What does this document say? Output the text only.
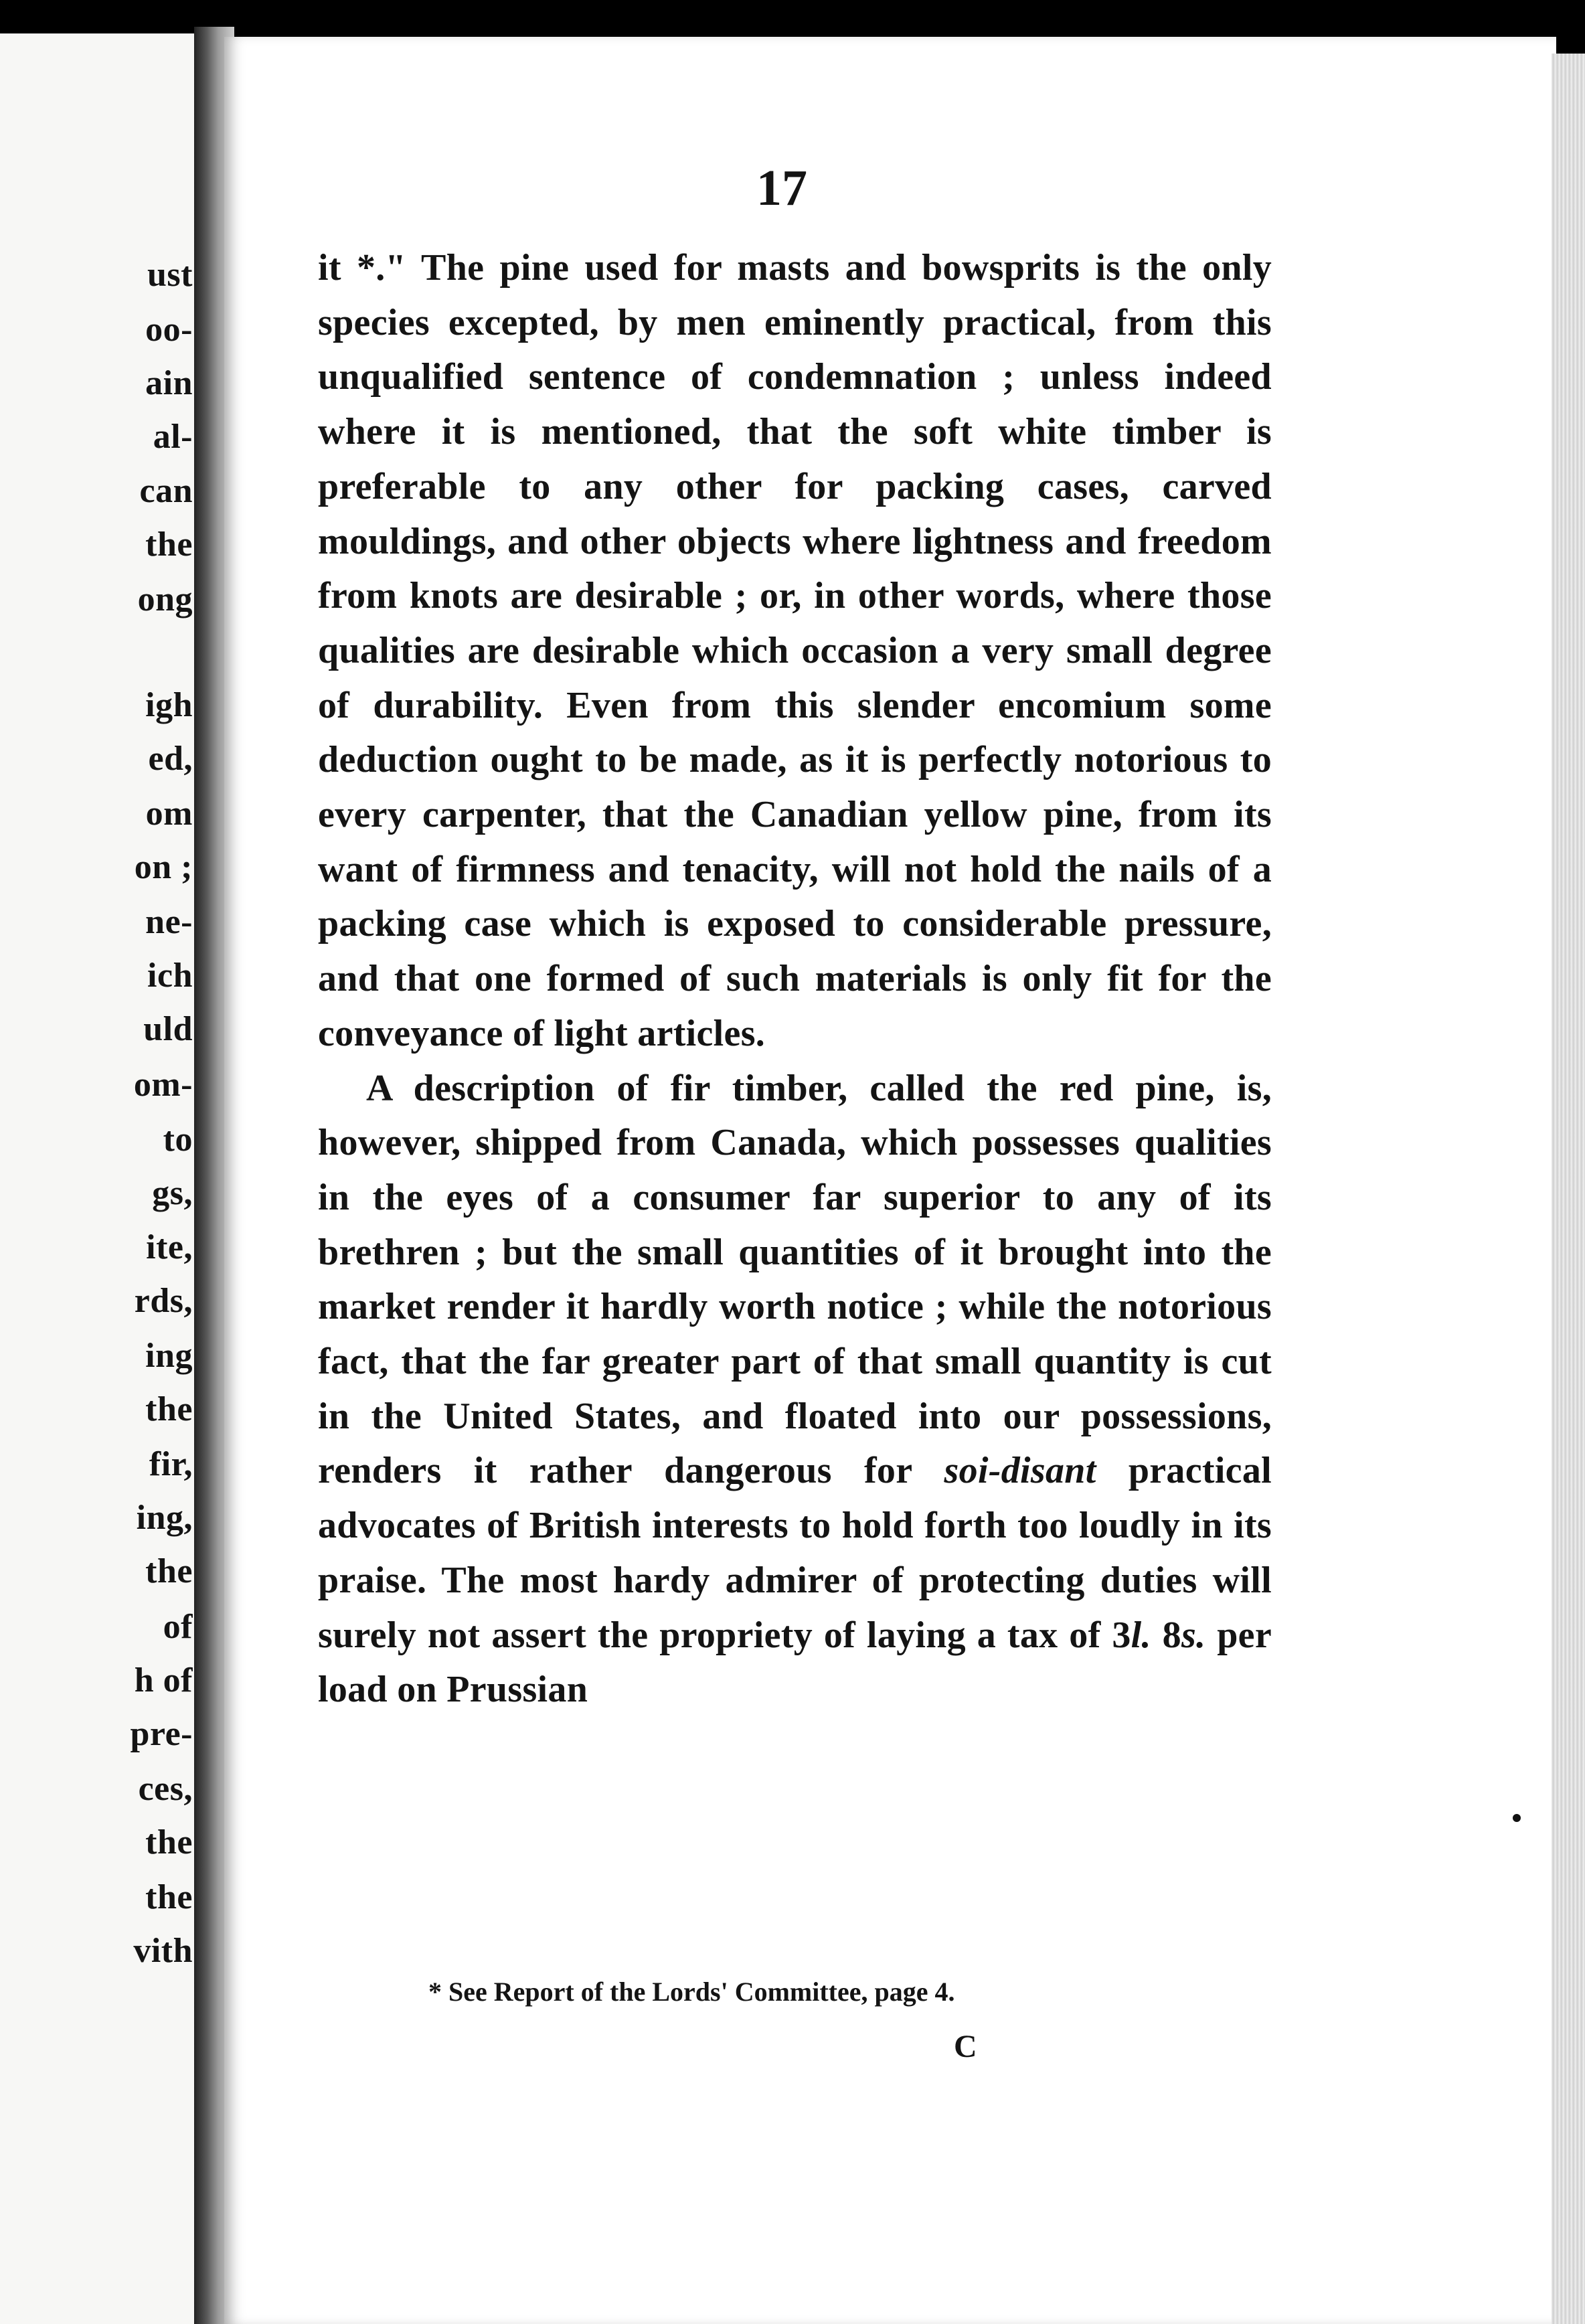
ust
oo-
ain
al-
can
the
ong
igh
ed,
om
on ;
ne-
ich
uld
om-
to
gs,
ite,
rds,
ing
the
fir,
ing,
the
of
h of
pre-
ces,
the
the
vith
17

it *." The pine used for masts and bowsprits is the only species excepted, by men eminently practical, from this unqualified sentence of condemnation ; unless indeed where it is mentioned, that the soft white timber is preferable to any other for packing cases, carved mouldings, and other objects where lightness and freedom from knots are desirable ; or, in other words, where those qualities are desirable which occasion a very small degree of durability. Even from this slender encomium some deduction ought to be made, as it is perfectly notorious to every carpenter, that the Canadian yellow pine, from its want of firmness and tenacity, will not hold the nails of a packing case which is exposed to considerable pressure, and that one formed of such materials is only fit for the conveyance of light articles.

A description of fir timber, called the red pine, is, however, shipped from Canada, which possesses qualities in the eyes of a consumer far superior to any of its brethren ; but the small quantities of it brought into the market render it hardly worth notice ; while the notorious fact, that the far greater part of that small quantity is cut in the United States, and floated into our possessions, renders it rather dangerous for soi-disant practical advocates of British interests to hold forth too loudly in its praise. The most hardy admirer of protecting duties will surely not assert the propriety of laying a tax of 3l. 8s. per load on Prussian

* See Report of the Lords' Committee, page 4.
C
